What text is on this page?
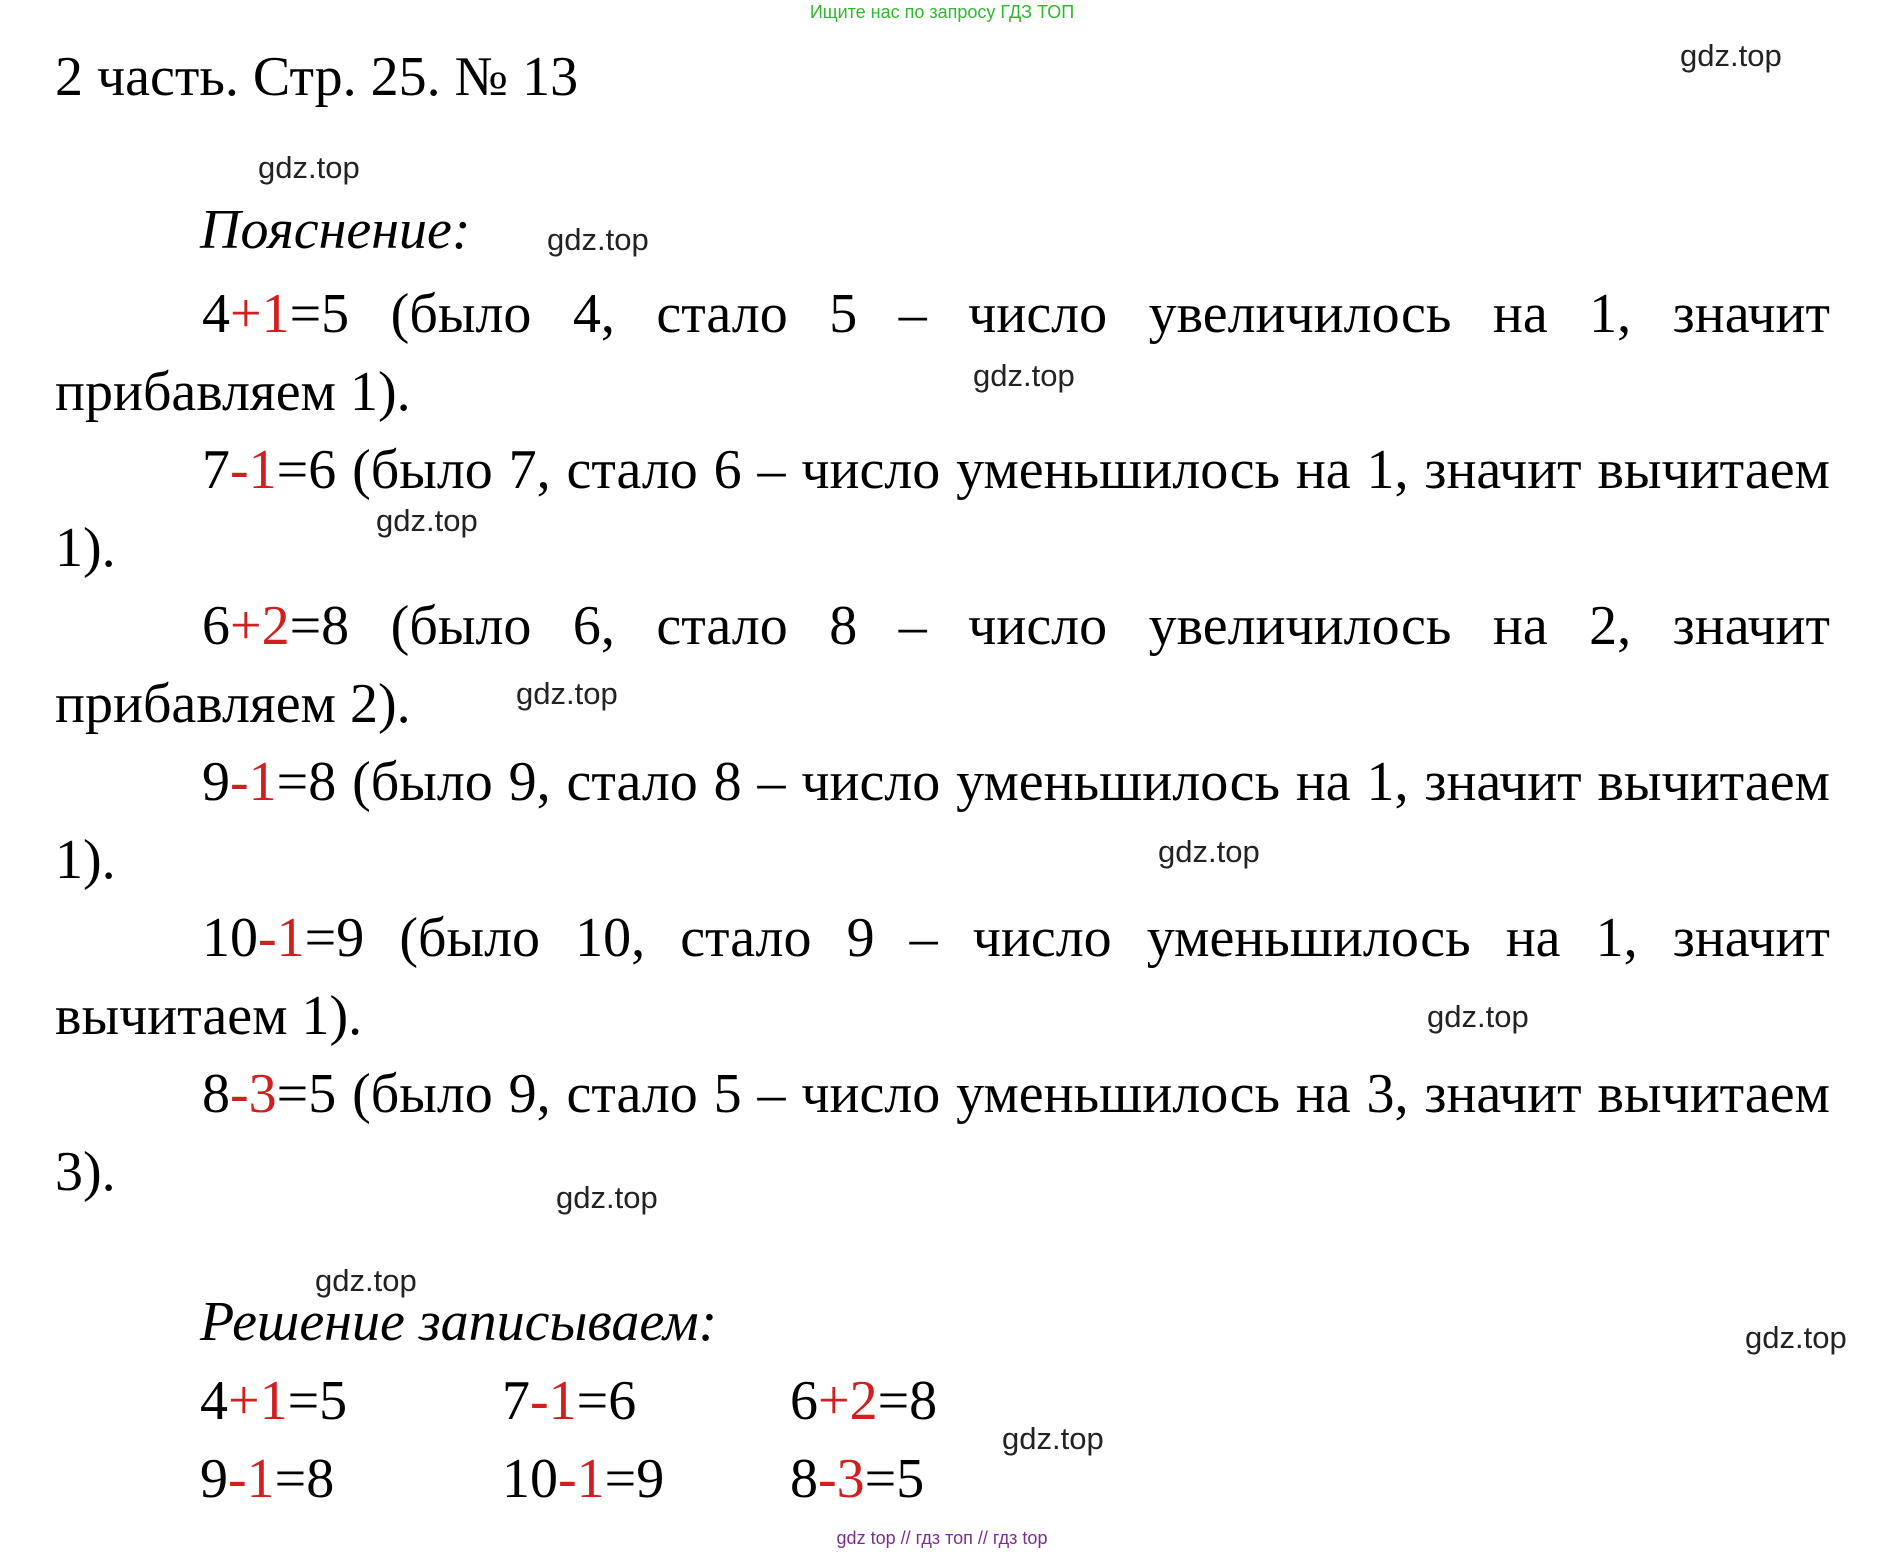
Ищите нас по запросу ГДЗ ТОП
2 часть. Стр. 25. № 13	gdz.top
gdz.top
gdz.top
gdz.top
gdz.top
gdz.top
gdz.top
gdz.top
gdz.top
gdz.top
gdz.top
gdz.top
Пояснение:

4+1=5 (было 4, стало 5 – число увеличилось на 1, значит прибавляем 1).

7-1=6 (было 7, стало 6 – число уменьшилось на 1, значит вычитаем 1).

6+2=8 (было 6, стало 8 – число увеличилось на 2, значит прибавляем 2).

9-1=8 (было 9, стало 8 – число уменьшилось на 1, значит вычитаем 1).

10-1=9 (было 10, стало 9 – число уменьшилось на 1, значит вычитаем 1).

8-3=5 (было 9, стало 5 – число уменьшилось на 3, значит вычитаем 3).

Решение записываем:
4+1=5	7-1=6	6+2=8
9-1=8	10-1=9	8-3=5
gdz top // гдз топ // гдз top
